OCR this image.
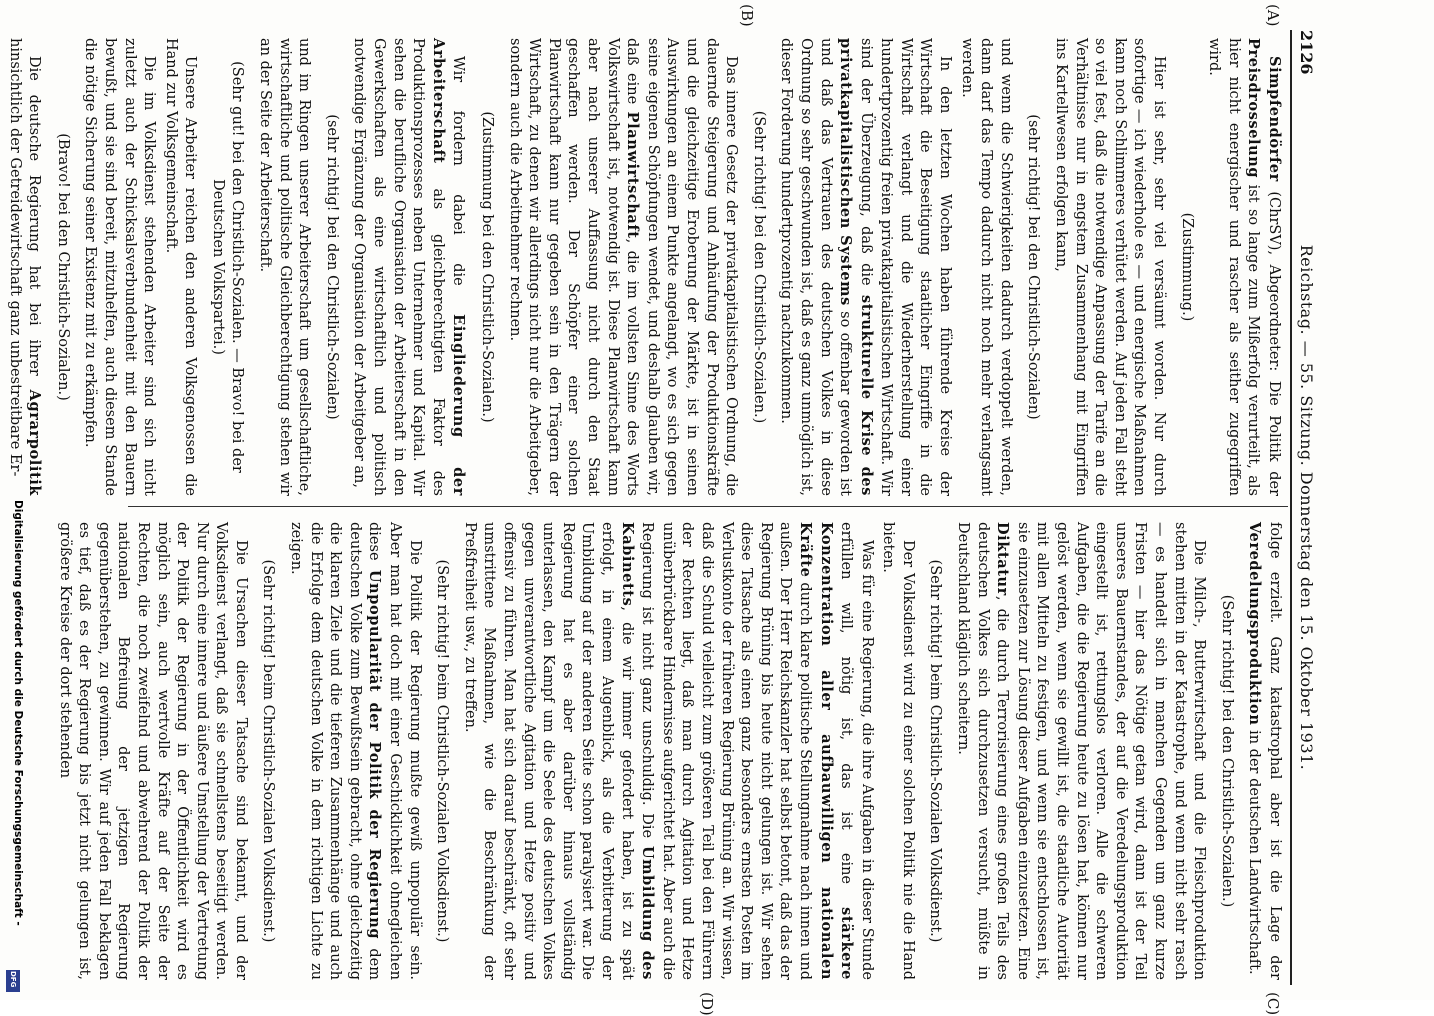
2126
Reichstag. — 55. Sitzung. Donnerstag den 15. Oktober 1931.
(A)
(B)
(C)
(D)

Simpfendörfer (ChrSV), Abgeordneter: Die Politik der Preisdrosselung ist so lange zum Mißerfolg verurteilt, als hier nicht energischer und rascher als seither zugegriffen wird.

(Zustimmung.)

Hier ist sehr, sehr viel versäumt worden. Nur durch sofortige — ich wiederhole es — und energische Maßnahmen kann noch Schlimmeres verhütet werden. Auf jeden Fall steht so viel fest, daß die notwendige Anpassung der Tarife an die Verhältnisse nur in engstem Zusammenhang mit Eingriffen ins Kartellwesen erfolgen kann,

(sehr richtig! bei den Christlich-Sozialen)

und wenn die Schwierigkeiten dadurch verdoppelt werden, dann darf das Tempo dadurch nicht noch mehr verlangsamt werden.

In den letzten Wochen haben führende Kreise der Wirtschaft die Beseitigung staatlicher Eingriffe in die Wirtschaft verlangt und die Wiederherstellung einer hundertprozentig freien privatkapitalistischen Wirtschaft. Wir sind der Überzeugung, daß die strukturelle Krise des privatkapitalistischen Systems so offenbar geworden ist und daß das Vertrauen des deutschen Volkes in diese Ordnung so sehr geschwunden ist, daß es ganz unmöglich ist, dieser Forderung hundertprozentig nachzukommen.

(Sehr richtig! bei den Christlich-Sozialen.)

Das innere Gesetz der privatkapitalistischen Ordnung, die dauernde Steigerung und Anhäufung der Produktionskräfte und die gleichzeitige Eroberung der Märkte, ist in seinen Auswirkungen an einem Punkte angelangt, wo es sich gegen seine eigenen Schöpfungen wendet, und deshalb glauben wir, daß eine Planwirtschaft, die im vollsten Sinne des Worts Volkswirtschaft ist, notwendig ist. Diese Planwirtschaft kann aber nach unserer Auffassung nicht durch den Staat geschaffen werden. Der Schöpfer einer solchen Planwirtschaft kann nur gegeben sein in den Trägern der Wirtschaft, zu denen wir allerdings nicht nur die Arbeitgeber, sondern auch die Arbeitnehmer rechnen.

(Zustimmung bei den Christlich-Sozialen.)

Wir fordern dabei die Eingliederung der Arbeiterschaft als gleichberechtigten Faktor des Produktionsprozesses neben Unternehmer und Kapital. Wir sehen die berufliche Organisation der Arbeiterschaft in den Gewerkschaften als eine wirtschaftlich und politisch notwendige Ergänzung der Organisation der Arbeitgeber an,

(sehr richtig! bei den Christlich-Sozialen)

und im Ringen unserer Arbeiterschaft um gesellschaftliche, wirtschaftliche und politische Gleichberechtigung stehen wir an der Seite der Arbeiterschaft.

(Sehr gut! bei den Christlich-Sozialen. — Bravo! bei der Deutschen Volkspartei.)

Unsere Arbeiter reichen den anderen Volksgenossen die Hand zur Volksgemeinschaft.

Die im Volksdienst stehenden Arbeiter sind sich nicht zuletzt auch der Schicksalsverbundenheit mit den Bauern bewußt, und sie sind bereit, mitzuhelfen, auch diesem Stande die nötige Sicherung seiner Existenz mit zu erkämpfen.

(Bravo! bei den Christlich-Sozialen.)

Die deutsche Regierung hat bei ihrer Agrarpolitik hinsichtlich der Getreidewirtschaft ganz unbestreitbare Er-

folge erzielt. Ganz katastrophal aber ist die Lage der Veredelungsproduktion in der deutschen Landwirtschaft.

(Sehr richtig! bei den Christlich-Sozialen.)

Die Milch-, Butterwirtschaft und die Fleischproduktion stehen mitten in der Katastrophe, und wenn nicht sehr rasch — es handelt sich in manchen Gegenden um ganz kurze Fristen — hier das Nötige getan wird, dann ist der Teil unseres Bauernstandes, der auf die Veredelungsproduktion eingestellt ist, rettungslos verloren. Alle die schweren Aufgaben, die die Regierung heute zu lösen hat, können nur gelöst werden, wenn sie gewillt ist, die staatliche Autorität mit allen Mitteln zu festigen, und wenn sie entschlossen ist, sie einzusetzen zur Lösung dieser Aufgaben einzusetzen. Eine Diktatur, die durch Terrorisierung eines großen Teils des deutschen Volkes sich durchzusetzen versucht, müßte in Deutschland kläglich scheitern.

(Sehr richtig! beim Christlich-Sozialen Volksdienst.)

Der Volksdienst wird zu einer solchen Politik nie die Hand bieten.

Was für eine Regierung, die ihre Aufgaben in dieser Stunde erfüllen will, nötig ist, das ist eine stärkere Konzentration aller aufbauwilligen nationalen Kräfte durch klare politische Stellungnahme nach innen und außen. Der Herr Reichskanzler hat selbst betont, daß das der Regierung Brüning bis heute nicht gelungen ist. Wir sehen diese Tatsache als einen ganz besonders ernsten Posten im Verlustkonto der früheren Regierung Brüning an. Wir wissen, daß die Schuld vielleicht zum größeren Teil bei den Führern der Rechten liegt, daß man durch Agitation und Hetze unüberbrückbare Hindernisse aufgerichtet hat. Aber auch die Regierung ist nicht ganz unschuldig. Die Umbildung des Kabinetts, die wir immer gefordert haben, ist zu spät erfolgt, in einem Augenblick, als die Verbitterung der Umbildung auf der anderen Seite schon paralysiert war. Die Regierung hat es aber darüber hinaus vollständig unterlassen, den Kampf um die Seele des deutschen Volkes gegen unverantwortliche Agitation und Hetze positiv und offensiv zu führen. Man hat sich darauf beschränkt, oft sehr umstrittene Maßnahmen, wie die Beschränkung der Preßfreiheit usw., zu treffen.

(Sehr richtig! beim Christlich-Sozialen Volksdienst.)

Die Politik der Regierung mußte gewiß unpopulär sein. Aber man hat doch mit einer Geschicklichkeit ohnegleichen diese Unpopularität der Politik der Regierung dem deutschen Volke zum Bewußtsein gebracht, ohne gleichzeitig die klaren Ziele und die tieferen Zusammenhänge und auch die Erfolge dem deutschen Volke in dem richtigen Lichte zu zeigen.

(Sehr richtig! beim Christlich-Sozialen Volksdienst.)

Die Ursachen dieser Tatsache sind bekannt, und der Volksdienst verlangt, daß sie schnellstens beseitigt werden. Nur durch eine innere und äußere Umstellung der Vertretung der Politik der Regierung in der Öffentlichkeit wird es möglich sein, auch wertvolle Kräfte auf der Seite der Rechten, die noch zweifelnd und abwehrend der Politik der nationalen Befreiung der jetzigen Regierung gegenüberstehen, zu gewinnen. Wir auf jeden Fall beklagen es tief, daß es der Regierung bis jetzt nicht gelungen ist, größere Kreise der dort stehenden

Digitalisierung gefördert durch die Deutsche Forschungsgemeinschaft -
DFG
